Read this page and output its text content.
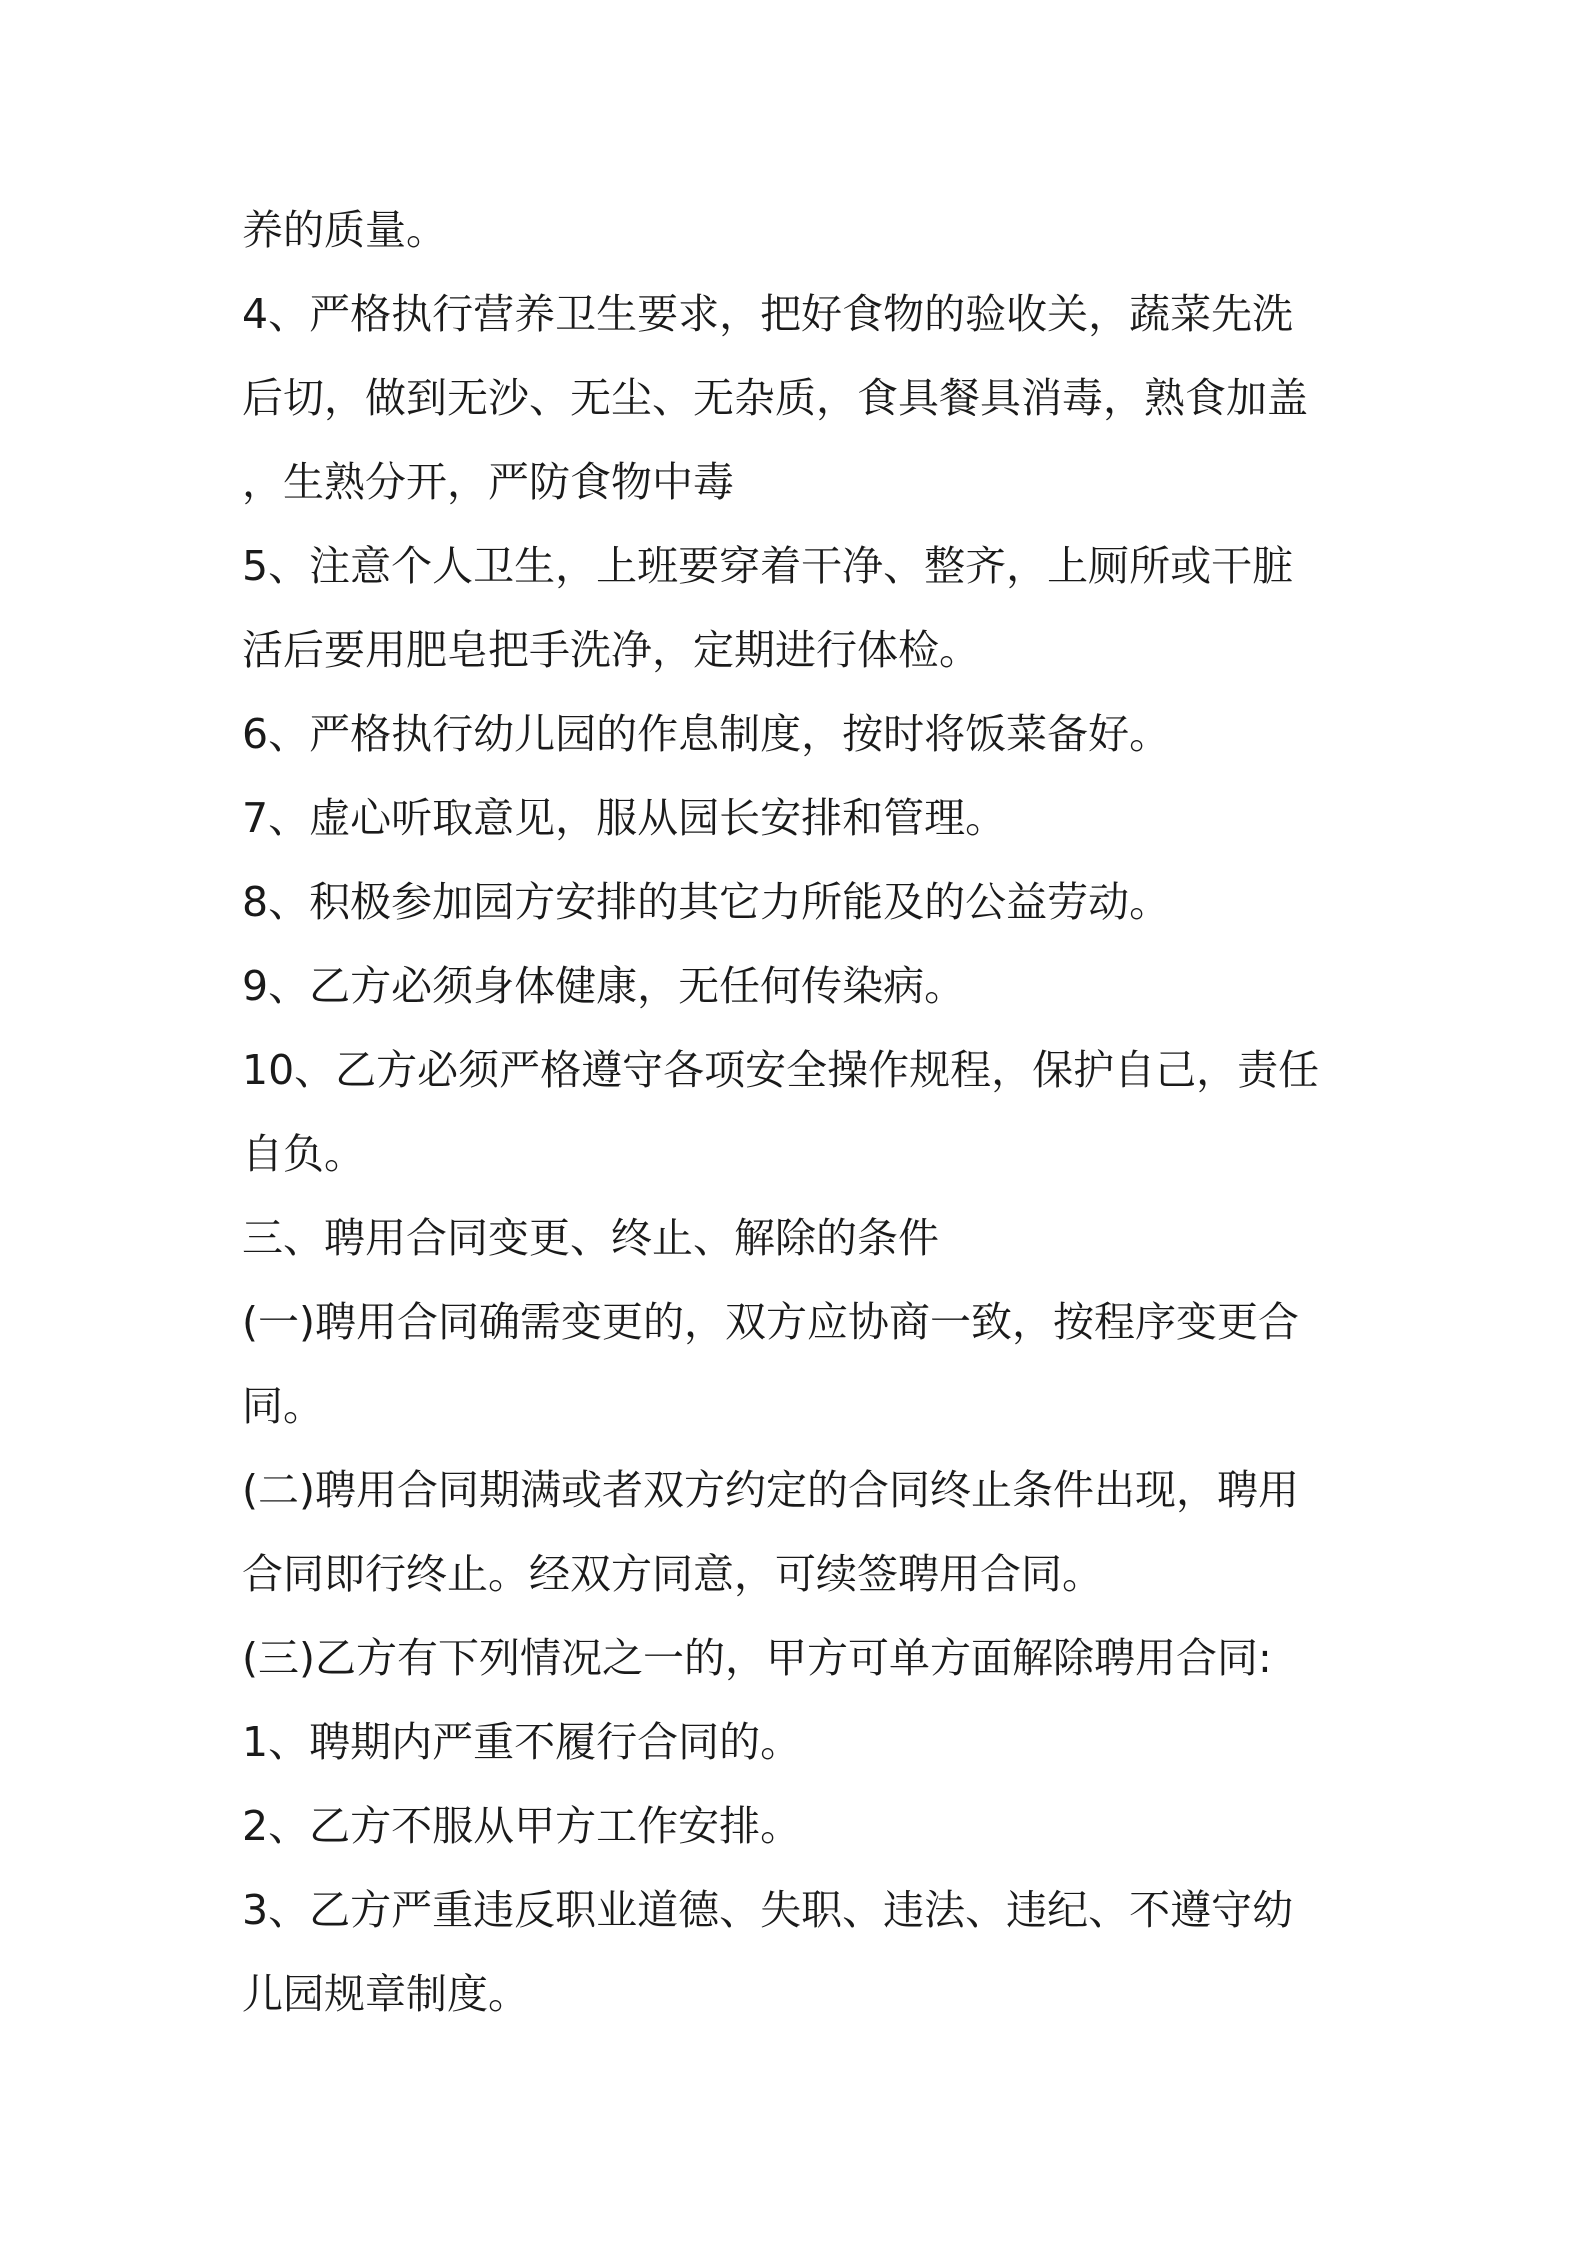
养的质量。
4、严格执行营养卫生要求，把好食物的验收关，蔬菜先洗
后切，做到无沙、无尘、无杂质，食具餐具消毒，熟食加盖
，生熟分开，严防食物中毒
5、注意个人卫生，上班要穿着干净、整齐，上厕所或干脏
活后要用肥皂把手洗净，定期进行体检。
6、严格执行幼儿园的作息制度，按时将饭菜备好。
7、虚心听取意见，服从园长安排和管理。
8、积极参加园方安排的其它力所能及的公益劳动。
9、乙方必须身体健康，无任何传染病。
10、乙方必须严格遵守各项安全操作规程，保护自己，责任
自负。
三、聘用合同变更、终止、解除的条件
(一)聘用合同确需变更的，双方应协商一致，按程序变更合
同。
(二)聘用合同期满或者双方约定的合同终止条件出现，聘用
合同即行终止。经双方同意，可续签聘用合同。
(三)乙方有下列情况之一的，甲方可单方面解除聘用合同:
1、聘期内严重不履行合同的。
2、乙方不服从甲方工作安排。
3、乙方严重违反职业道德、失职、违法、违纪、不遵守幼
儿园规章制度。
